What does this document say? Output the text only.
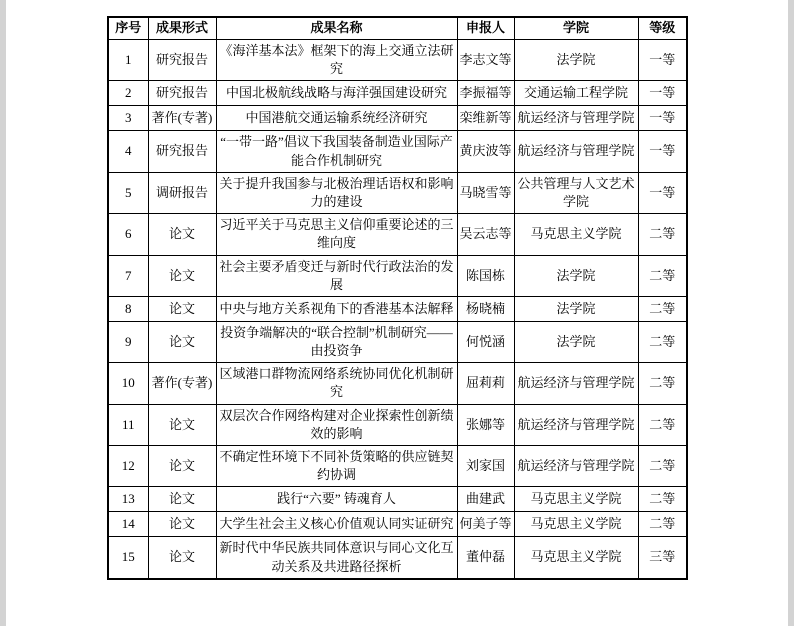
序号	成果形式	成果名称	申报人	学院	等级
1	研究报告	《海洋基本法》框架下的海上交通立法研究	李志文等	法学院	一等
2	研究报告	中国北极航线战略与海洋强国建设研究	李振福等	交通运输工程学院	一等
3	著作(专著)	中国港航交通运输系统经济研究	栾维新等	航运经济与管理学院	一等
4	研究报告	“一带一路”倡议下我国装备制造业国际产能合作机制研究	黄庆波等	航运经济与管理学院	一等
5	调研报告	关于提升我国参与北极治理话语权和影响力的建设	马晓雪等	公共管理与人文艺术学院	一等
6	论文	习近平关于马克思主义信仰重要论述的三维向度	吴云志等	马克思主义学院	二等
7	论文	社会主要矛盾变迁与新时代行政法治的发展	陈国栋	法学院	二等
8	论文	中央与地方关系视角下的香港基本法解释	杨晓楠	法学院	二等
9	论文	投资争端解决的“联合控制”机制研究——由投资争	何悦涵	法学院	二等
10	著作(专著)	区域港口群物流网络系统协同优化机制研究	屈莉莉	航运经济与管理学院	二等
11	论文	双层次合作网络构建对企业探索性创新绩效的影响	张娜等	航运经济与管理学院	二等
12	论文	不确定性环境下不同补货策略的供应链契约协调	刘家国	航运经济与管理学院	二等
13	论文	践行“六要” 铸魂育人	曲建武	马克思主义学院	二等
14	论文	大学生社会主义核心价值观认同实证研究	何美子等	马克思主义学院	二等
15	论文	新时代中华民族共同体意识与同心文化互动关系及共进路径探析	董仲磊	马克思主义学院	三等
